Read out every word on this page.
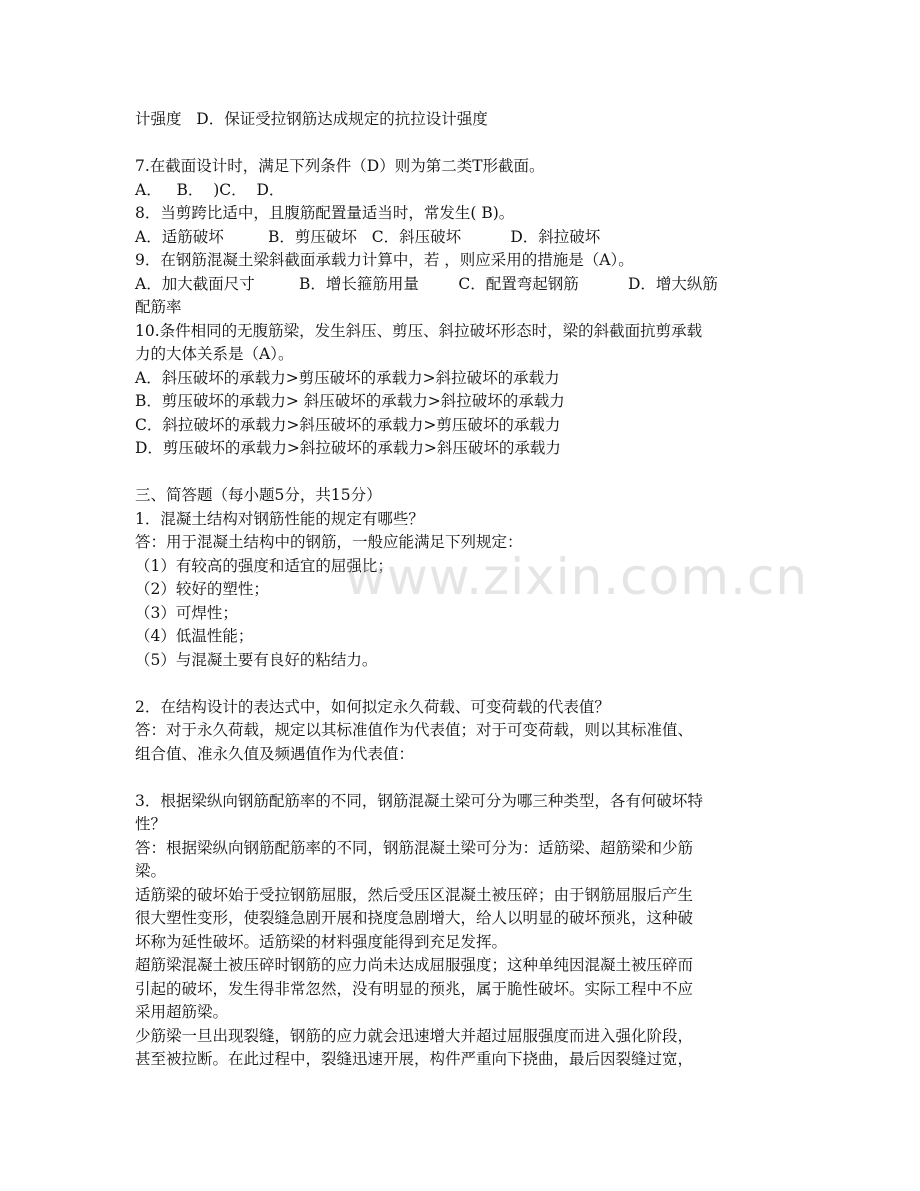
计强度   D．保证受拉钢筋达成规定的抗拉设计强度
7.在截面设计时，满足下列条件（D）则为第二类T形截面。
A．   B．  )C．  D．
8．当剪跨比适中，且腹筋配置量适当时，常发生( B)。
A．适筋破坏         B．剪压破坏   C．斜压破坏          D．斜拉破坏
9．在钢筋混凝土梁斜截面承载力计算中，若 ，则应采用的措施是（A）。
A．加大截面尺寸         B．增长箍筋用量        C．配置弯起钢筋          D．增大纵筋
配筋率
10.条件相同的无腹筋梁，发生斜压、剪压、斜拉破坏形态时，梁的斜截面抗剪承载
力的大体关系是（A）。
A．斜压破坏的承载力>剪压破坏的承载力>斜拉破坏的承载力
B．剪压破坏的承载力> 斜压破坏的承载力>斜拉破坏的承载力
C．斜拉破坏的承载力>斜压破坏的承载力>剪压破坏的承载力
D．剪压破坏的承载力>斜拉破坏的承载力>斜压破坏的承载力
三、简答题（每小题5分，共15分）
1．混凝土结构对钢筋性能的规定有哪些？
答：用于混凝土结构中的钢筋，一般应能满足下列规定：
（1）有较高的强度和适宜的屈强比；
（2）较好的塑性；
（3）可焊性；
（4）低温性能；
（5）与混凝土要有良好的粘结力。
2．在结构设计的表达式中，如何拟定永久荷载、可变荷载的代表值？
答：对于永久荷载，规定以其标准值作为代表值；对于可变荷载，则以其标准值、
组合值、准永久值及频遇值作为代表值：
3．根据梁纵向钢筋配筋率的不同，钢筋混凝土梁可分为哪三种类型，各有何破坏特
性？
答：根据梁纵向钢筋配筋率的不同，钢筋混凝土梁可分为：适筋梁、超筋梁和少筋
梁。
适筋梁的破坏始于受拉钢筋屈服，然后受压区混凝土被压碎；由于钢筋屈服后产生
很大塑性变形，使裂缝急剧开展和挠度急剧增大，给人以明显的破坏预兆，这种破
坏称为延性破坏。适筋梁的材料强度能得到充足发挥。
超筋梁混凝土被压碎时钢筋的应力尚未达成屈服强度；这种单纯因混凝土被压碎而
引起的破坏，发生得非常忽然，没有明显的预兆，属于脆性破坏。实际工程中不应
采用超筋梁。
少筋梁一旦出现裂缝，钢筋的应力就会迅速增大并超过屈服强度而进入强化阶段，
甚至被拉断。在此过程中，裂缝迅速开展，构件严重向下挠曲，最后因裂缝过宽，
www.zixin.com.cn
